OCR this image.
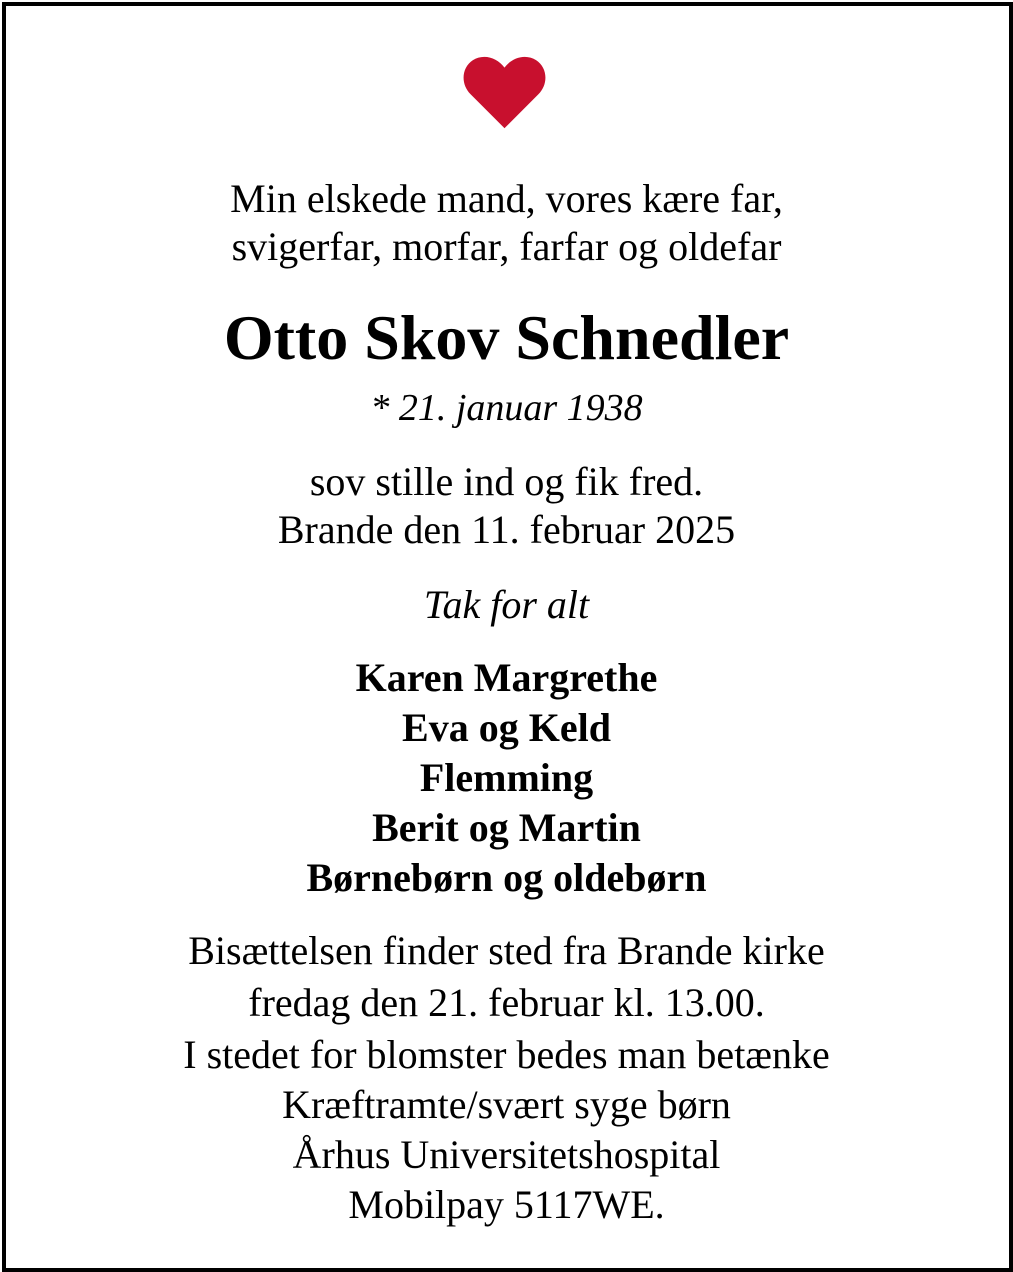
Min elskede mand, vores kære far,
svigerfar, morfar, farfar og oldefar
Otto Skov Schnedler
* 21. januar 1938
sov stille ind og fik fred.
Brande den 11. februar 2025
Tak for alt
Karen Margrethe
Eva og Keld
Flemming
Berit og Martin
Børnebørn og oldebørn
Bisættelsen finder sted fra Brande kirke
fredag den 21. februar kl. 13.00.
I stedet for blomster bedes man betænke
Kræftramte/svært syge børn
Århus Universitetshospital
Mobilpay 5117WE.
